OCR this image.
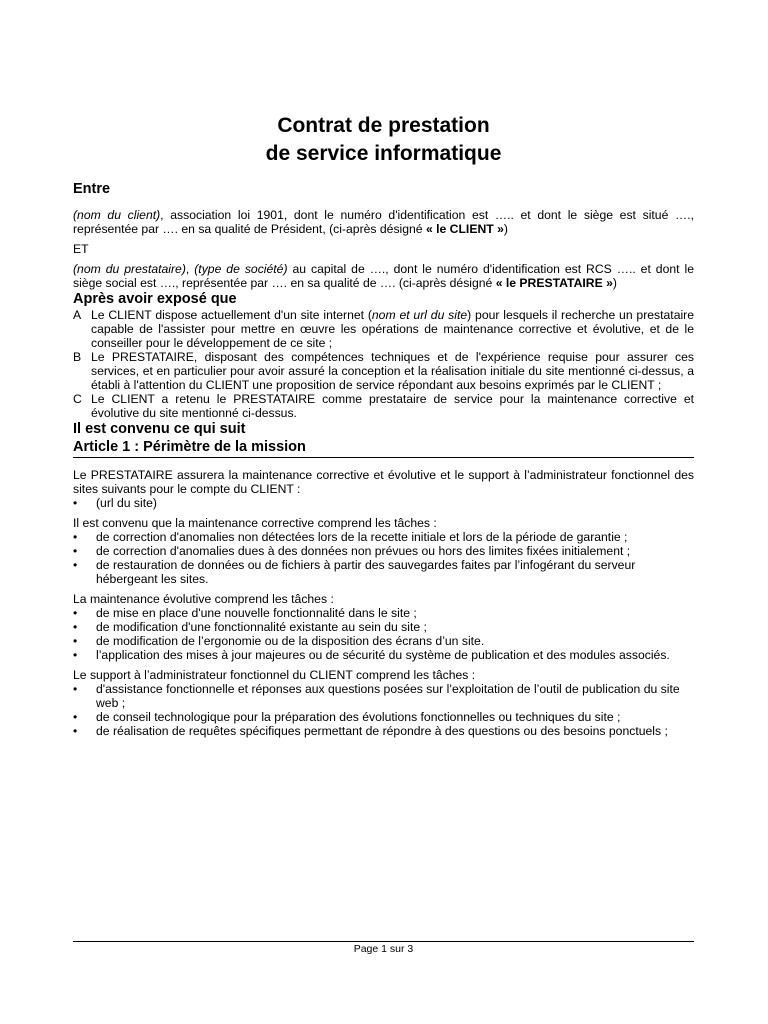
Contrat de prestation
de service informatique
Entre

(nom du client), association loi 1901, dont le numéro d'identification est ….. et dont le siège est situé …., représentée par …. en sa qualité de Président, (ci-après désigné « le CLIENT »)

ET

(nom du prestataire), (type de société) au capital de …., dont le numéro d'identification est RCS ….. et dont le siège social est …., représentée par …. en sa qualité de …. (ci-après désigné « le PRESTATAIRE »)

Après avoir exposé que
A Le CLIENT dispose actuellement d'un site internet (nom et url du site) pour lesquels il recherche un prestataire capable de l'assister pour mettre en œuvre les opérations de maintenance corrective et évolutive, et de le conseiller pour le développement de ce site ;
B Le PRESTATAIRE, disposant des compétences techniques et de l'expérience requise pour assurer ces services, et en particulier pour avoir assuré la conception et la réalisation initiale du site mentionné ci-dessus, a établi à l'attention du CLIENT une proposition de service répondant aux besoins exprimés par le CLIENT ;
C Le CLIENT a retenu le PRESTATAIRE comme prestataire de service pour la maintenance corrective et évolutive du site mentionné ci-dessus.
Il est convenu ce qui suit
Article 1 : Périmètre de la mission

Le PRESTATAIRE assurera la maintenance corrective et évolutive et le support à l’administrateur fonctionnel des sites suivants pour le compte du CLIENT :

• (url du site)

Il est convenu que la maintenance corrective comprend les tâches :

• de correction d'anomalies non détectées lors de la recette initiale et lors de la période de garantie ;
• de correction d'anomalies dues à des données non prévues ou hors des limites fixées initialement ;
• de restauration de données ou de fichiers à partir des sauvegardes faites par l’infogérant du serveur hébergeant les sites.

La maintenance évolutive comprend les tâches :

• de mise en place d'une nouvelle fonctionnalité dans le site ;
• de modification d'une fonctionnalité existante au sein du site ;
• de modification de l’ergonomie ou de la disposition des écrans d’un site.
• l’application des mises à jour majeures ou de sécurité du système de publication et des modules associés.

Le support à l’administrateur fonctionnel du CLIENT comprend les tâches :

• d'assistance fonctionnelle et réponses aux questions posées sur l’exploitation de l’outil de publication du site web ;
• de conseil technologique pour la préparation des évolutions fonctionnelles ou techniques du site ;
• de réalisation de requêtes spécifiques permettant de répondre à des questions ou des besoins ponctuels ;
Page 1 sur 3
